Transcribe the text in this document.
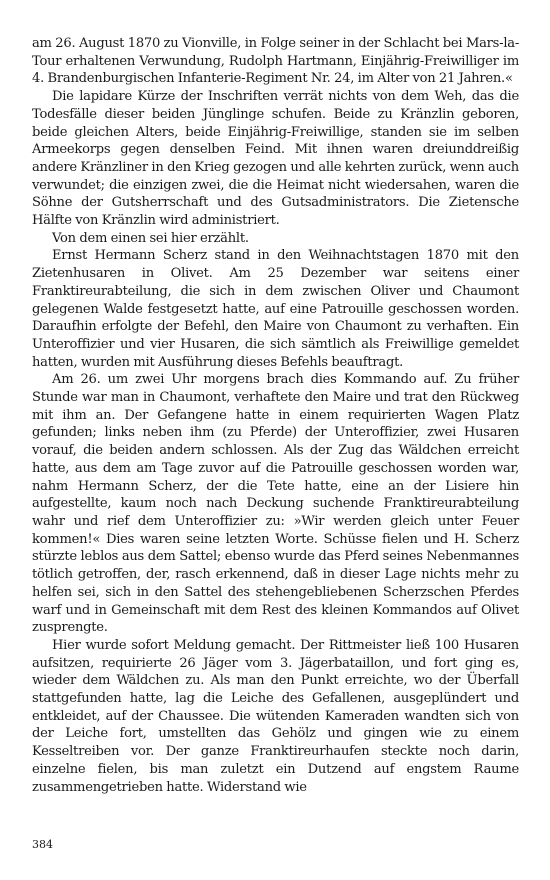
am 26. August 1870 zu Vionville, in Folge seiner in der Schlacht bei Mars-la-Tour erhaltenen Verwundung, Rudolph Hartmann, Einjährig-Freiwilliger im 4. Brandenburgischen Infanterie-Regiment Nr. 24, im Alter von 21 Jahren.«

Die lapidare Kürze der Inschriften verrät nichts von dem Weh, das die Todesfälle dieser beiden Jünglinge schufen. Beide zu Kränzlin geboren, beide gleichen Alters, beide Einjährig-Freiwillige, standen sie im selben Armeekorps gegen denselben Feind. Mit ihnen waren dreiunddreißig andere Kränzliner in den Krieg gezogen und alle kehrten zurück, wenn auch verwundet; die einzigen zwei, die die Heimat nicht wiedersahen, waren die Söhne der Gutsherrschaft und des Gutsadministrators. Die Zietensche Hälfte von Kränzlin wird administriert.

Von dem einen sei hier erzählt.

Ernst Hermann Scherz stand in den Weihnachtstagen 1870 mit den Zietenhusaren in Olivet. Am 25 Dezember war seitens einer Franktireurabteilung, die sich in dem zwischen Oliver und Chaumont gelegenen Walde festgesetzt hatte, auf eine Patrouille geschossen worden. Daraufhin erfolgte der Befehl, den Maire von Chaumont zu verhaften. Ein Unteroffizier und vier Husaren, die sich sämtlich als Freiwillige gemeldet hatten, wurden mit Ausführung dieses Befehls beauftragt.

Am 26. um zwei Uhr morgens brach dies Kommando auf. Zu früher Stunde war man in Chaumont, verhaftete den Maire und trat den Rückweg mit ihm an. Der Gefangene hatte in einem requirierten Wagen Platz gefunden; links neben ihm (zu Pferde) der Unteroffizier, zwei Husaren vorauf, die beiden andern schlossen. Als der Zug das Wäldchen erreicht hatte, aus dem am Tage zuvor auf die Patrouille geschossen worden war, nahm Hermann Scherz, der die Tete hatte, eine an der Lisiere hin aufgestellte, kaum noch nach Deckung suchende Franktireurabteilung wahr und rief dem Unteroffizier zu: »Wir werden gleich unter Feuer kommen!« Dies waren seine letzten Worte. Schüsse fielen und H. Scherz stürzte leblos aus dem Sattel; ebenso wurde das Pferd seines Nebenmannes tötlich getroffen, der, rasch erkennend, daß in dieser Lage nichts mehr zu helfen sei, sich in den Sattel des stehengebliebenen Scherzschen Pferdes warf und in Gemeinschaft mit dem Rest des kleinen Kommandos auf Olivet zusprengte.

Hier wurde sofort Meldung gemacht. Der Rittmeister ließ 100 Husaren aufsitzen, requirierte 26 Jäger vom 3. Jägerbataillon, und fort ging es, wieder dem Wäldchen zu. Als man den Punkt erreichte, wo der Überfall stattgefunden hatte, lag die Leiche des Gefallenen, ausgeplündert und entkleidet, auf der Chaussee. Die wütenden Kameraden wandten sich von der Leiche fort, umstellten das Gehölz und gingen wie zu einem Kesseltreiben vor. Der ganze Franktireurhaufen steckte noch darin, einzelne fielen, bis man zuletzt ein Dutzend auf engstem Raume zusammengetrieben hatte. Widerstand wie

384
